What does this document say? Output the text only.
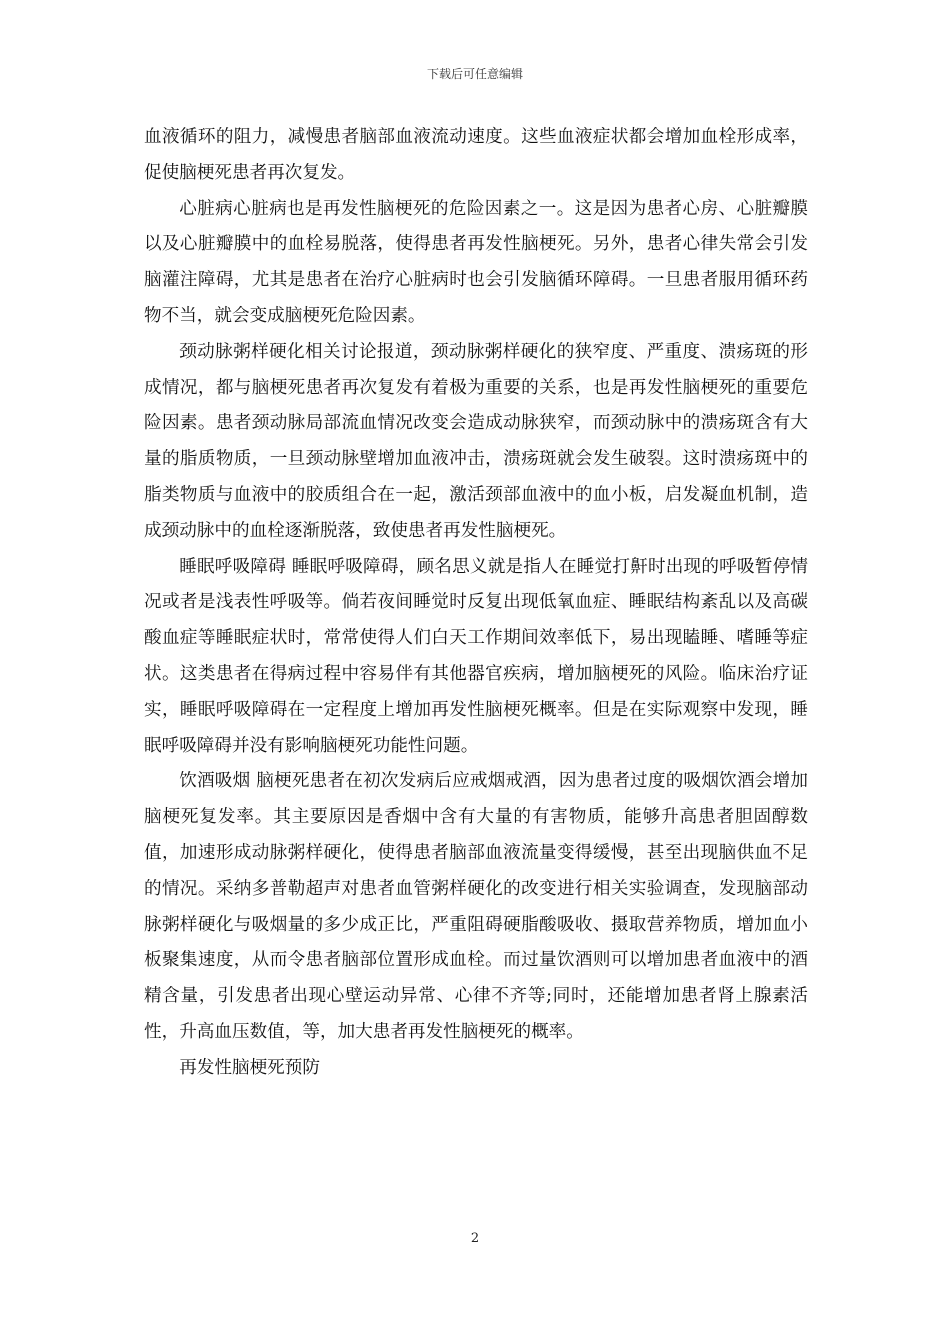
下载后可任意编辑

血液循环的阻力，减慢患者脑部血液流动速度。这些血液症状都会增加血栓形成率，促使脑梗死患者再次复发。

心脏病心脏病也是再发性脑梗死的危险因素之一。这是因为患者心房、心脏瓣膜以及心脏瓣膜中的血栓易脱落，使得患者再发性脑梗死。另外，患者心律失常会引发脑灌注障碍，尤其是患者在治疗心脏病时也会引发脑循环障碍。一旦患者服用循环药物不当，就会变成脑梗死危险因素。

颈动脉粥样硬化相关讨论报道，颈动脉粥样硬化的狭窄度、严重度、溃疡斑的形成情况，都与脑梗死患者再次复发有着极为重要的关系，也是再发性脑梗死的重要危险因素。患者颈动脉局部流血情况改变会造成动脉狭窄，而颈动脉中的溃疡斑含有大量的脂质物质，一旦颈动脉壁增加血液冲击，溃疡斑就会发生破裂。这时溃疡斑中的脂类物质与血液中的胶质组合在一起，激活颈部血液中的血小板，启发凝血机制，造成颈动脉中的血栓逐渐脱落，致使患者再发性脑梗死。

睡眠呼吸障碍 睡眠呼吸障碍，顾名思义就是指人在睡觉打鼾时出现的呼吸暂停情况或者是浅表性呼吸等。倘若夜间睡觉时反复出现低氧血症、睡眠结构紊乱以及高碳酸血症等睡眠症状时，常常使得人们白天工作期间效率低下，易出现瞌睡、嗜睡等症状。这类患者在得病过程中容易伴有其他器官疾病，增加脑梗死的风险。临床治疗证实，睡眠呼吸障碍在一定程度上增加再发性脑梗死概率。但是在实际观察中发现，睡眠呼吸障碍并没有影响脑梗死功能性问题。

饮酒吸烟 脑梗死患者在初次发病后应戒烟戒酒，因为患者过度的吸烟饮酒会增加脑梗死复发率。其主要原因是香烟中含有大量的有害物质，能够升高患者胆固醇数值，加速形成动脉粥样硬化，使得患者脑部血液流量变得缓慢，甚至出现脑供血不足的情况。采纳多普勒超声对患者血管粥样硬化的改变进行相关实验调查，发现脑部动脉粥样硬化与吸烟量的多少成正比，严重阻碍硬脂酸吸收、摄取营养物质，增加血小板聚集速度，从而令患者脑部位置形成血栓。而过量饮酒则可以增加患者血液中的酒精含量，引发患者出现心壁运动异常、心律不齐等;同时，还能增加患者肾上腺素活性，升高血压数值，等，加大患者再发性脑梗死的概率。

再发性脑梗死预防

2
